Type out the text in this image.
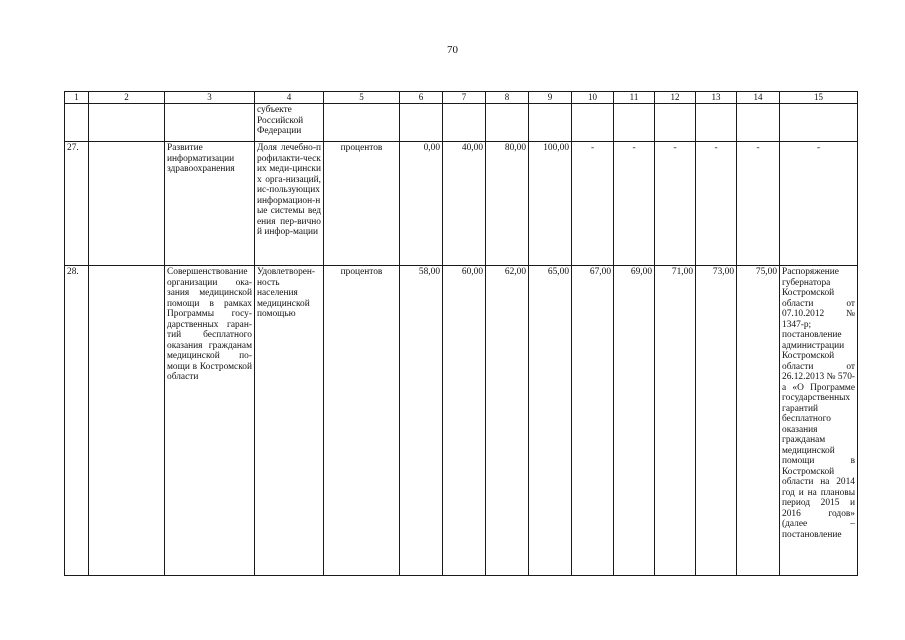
70
1	2	3	4	5	6	7	8	9	10	11	12	13	14	15
			субъекте Российской Федерации											
27.		Развитие информатизации здравоохранения	Доля лечебно-профилакти-ческих меди-цинских орга-низаций, ис-пользующих информацион-ные системы ведения пер-вичной инфор-мации	процентов	0,00	40,00	80,00	100,00	-	-	-	-	-	-
28.		Совершенствование организации ока-зания медицинской помощи в рамках Программы госу-дарственных гаран-тий бесплатного оказания гражданам медицинской по-мощи в Костромской области	Удовлетворен-ность населения медицинской помощью	процентов	58,00	60,00	62,00	65,00	67,00	69,00	71,00	73,00	75,00	Распоряжение губернатора Костромской области от 07.10.2012 № 1347-р; постановление администрации Костромской области от 26.12.2013 № 570-а «О Программе государственных гарантий бесплатного оказания гражданам медицинской помощи в Костромской области на 2014 год и на плановы период 2015 и 2016 годов» (далее – постановление
